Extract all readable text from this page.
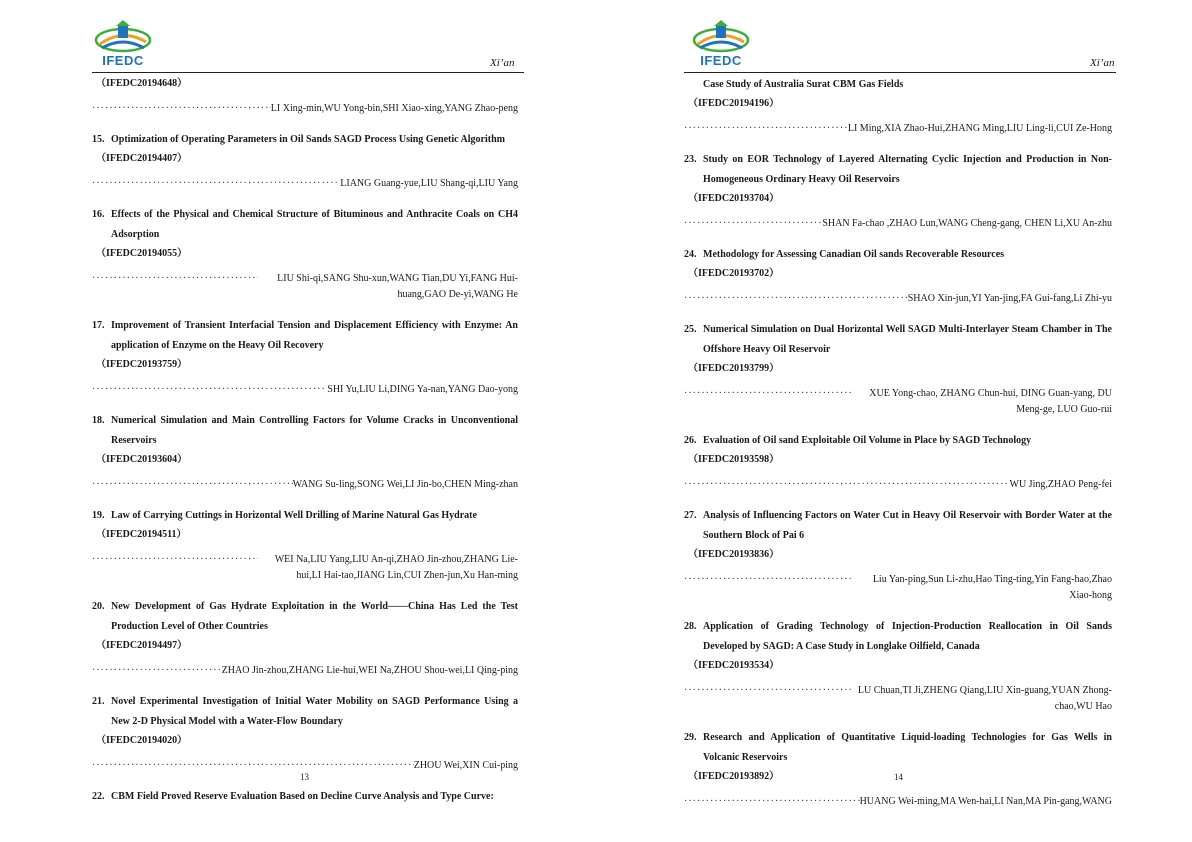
IFEDC	Xi’an
（IFEDC20194648）
·····
LI Xing-min,WU Yong-bin,SHI Xiao-xing,YANG Zhao-peng
15. Optimization of Operating Parameters in Oil Sands SAGD Process Using Genetic Algorithm
（IFEDC20194407）
·····
LIANG Guang-yue,LIU Shang-qi,LIU Yang
16. Effects of the Physical and Chemical Structure of Bituminous and Anthracite Coals on CH4 Adsorption
（IFEDC20194055）
·····
LIU Shi-qi,SANG Shu-xun,WANG Tian,DU Yi,FANG Hui-huang,GAO De-yi,WANG He
17. Improvement of Transient Interfacial Tension and Displacement Efficiency with Enzyme: An application of Enzyme on the Heavy Oil Recovery
（IFEDC20193759）
·····
SHI Yu,LIU Li,DING Ya-nan,YANG Dao-yong
18. Numerical Simulation and Main Controlling Factors for Volume Cracks in Unconventional Reservoirs
（IFEDC20193604）
·····
WANG Su-ling,SONG Wei,LI Jin-bo,CHEN Ming-zhan
19. Law of Carrying Cuttings in Horizontal Well Drilling of Marine Natural Gas Hydrate
（IFEDC20194511）
·····
WEI Na,LIU Yang,LIU An-qi,ZHAO Jin-zhou,ZHANG Lie-hui,LI Hai-tao,JIANG Lin,CUI Zhen-jun,Xu Han-ming
20. New Development of Gas Hydrate Exploitation in the World——China Has Led the Test Production Level of Other Countries
（IFEDC20194497）
·····
ZHAO Jin-zhou,ZHANG Lie-hui,WEI Na,ZHOU Shou-wei,LI Qing-ping
21. Novel Experimental Investigation of Initial Water Mobility on SAGD Performance Using a New 2-D Physical Model with a Water-Flow Boundary
（IFEDC20194020）
·····
ZHOU Wei,XIN Cui-ping
22. CBM Field Proved Reserve Evaluation Based on Decline Curve Analysis and Type Curve:
13
IFEDC	Xi’an
Case Study of Australia Surat CBM Gas Fields
（IFEDC20194196）
·····
LI Ming,XIA Zhao-Hui,ZHANG Ming,LIU Ling-li,CUI Ze-Hong
23. Study on EOR Technology of Layered Alternating Cyclic Injection and Production in Non-Homogeneous Ordinary Heavy Oil Reservoirs
（IFEDC20193704）
·····
SHAN Fa-chao ,ZHAO Lun,WANG Cheng-gang, CHEN Li,XU An-zhu
24. Methodology for Assessing Canadian Oil sands Recoverable Resources
（IFEDC20193702）
·····
SHAO Xin-jun,YI Yan-jing,FA Gui-fang,Li Zhi-yu
25. Numerical Simulation on Dual Horizontal Well SAGD Multi-Interlayer Steam Chamber in The Offshore Heavy Oil Reservoir
（IFEDC20193799）
·····
XUE Yong-chao, ZHANG Chun-hui, DING Guan-yang, DU Meng-ge, LUO Guo-rui
26. Evaluation of Oil sand Exploitable Oil Volume in Place by SAGD Technology
（IFEDC20193598）
·····
WU Jing,ZHAO Peng-fei
27. Analysis of Influencing Factors on Water Cut in Heavy Oil Reservoir with Border Water at the Southern Block of Pai 6
（IFEDC20193836）
·····
Liu Yan-ping,Sun Li-zhu,Hao Ting-ting,Yin Fang-hao,Zhao Xiao-hong
28. Application of Grading Technology of Injection-Production Reallocation in Oil Sands Developed by SAGD: A Case Study in Longlake Oilfield, Canada
（IFEDC20193534）
·····
LU Chuan,TI Ji,ZHENG Qiang,LIU Xin-guang,YUAN Zhong-chao,WU Hao
29. Research and Application of Quantitative Liquid-loading Technologies for Gas Wells in Volcanic Reservoirs
（IFEDC20193892）
·····
HUANG Wei-ming,MA Wen-hai,LI Nan,MA Pin-gang,WANG
14
